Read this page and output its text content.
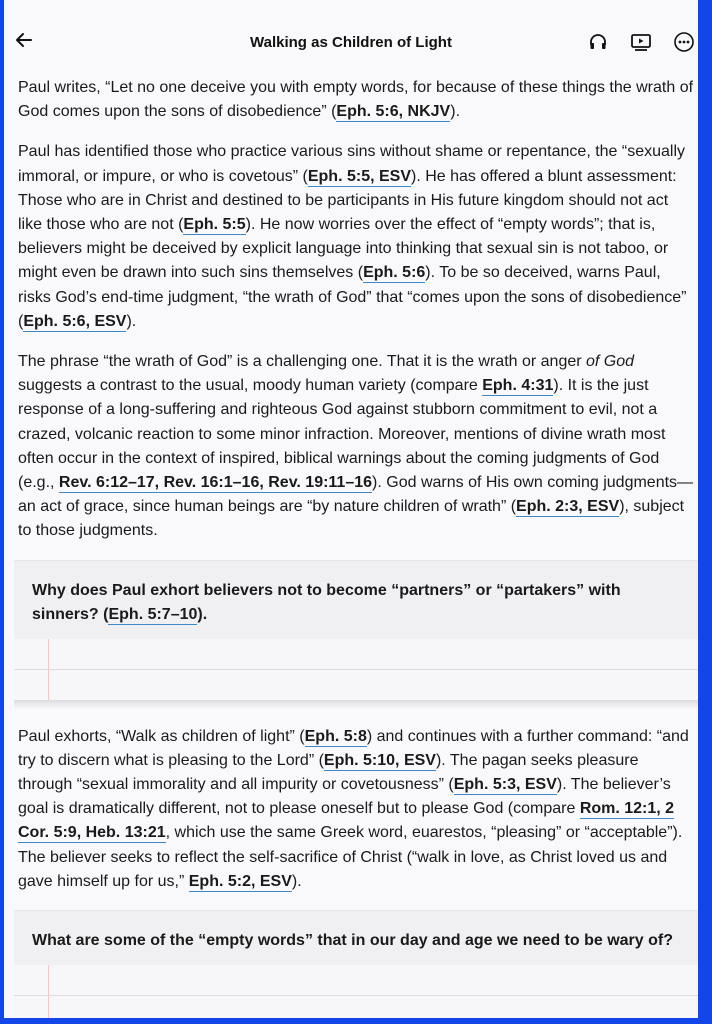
Walking as Children of Light

Paul writes, “Let no one deceive you with empty words, for because of these things the wrath of God comes upon the sons of disobedience” (Eph. 5:6, NKJV).

Paul has identified those who practice various sins without shame or repentance, the “sexually immoral, or impure, or who is covetous” (Eph. 5:5, ESV). He has offered a blunt assessment: Those who are in Christ and destined to be participants in His future kingdom should not act like those who are not (Eph. 5:5). He now worries over the effect of “empty words”; that is, believers might be deceived by explicit language into thinking that sexual sin is not taboo, or might even be drawn into such sins themselves (Eph. 5:6). To be so deceived, warns Paul, risks God’s end-time judgment, “the wrath of God” that “comes upon the sons of disobedience” (Eph. 5:6, ESV).

The phrase “the wrath of God” is a challenging one. That it is the wrath or anger of God suggests a contrast to the usual, moody human variety (compare Eph. 4:31). It is the just response of a long-suffering and righteous God against stubborn commitment to evil, not a crazed, volcanic reaction to some minor infraction. Moreover, mentions of divine wrath most often occur in the context of inspired, biblical warnings about the coming judgments of God (e.g., Rev. 6:12–17, Rev. 16:1–16, Rev. 19:11–16). God warns of His own coming judgments—an act of grace, since human beings are “by nature children of wrath” (Eph. 2:3, ESV), subject to those judgments.

Why does Paul exhort believers not to become “partners” or “partakers” with sinners? (Eph. 5:7–10).

Paul exhorts, “Walk as children of light” (Eph. 5:8) and continues with a further command: “and try to discern what is pleasing to the Lord” (Eph. 5:10, ESV). The pagan seeks pleasure through “sexual immorality and all impurity or covetousness” (Eph. 5:3, ESV). The believer’s goal is dramatically different, not to please oneself but to please God (compare Rom. 12:1, 2 Cor. 5:9, Heb. 13:21, which use the same Greek word, euarestos, “pleasing” or “acceptable”). The believer seeks to reflect the self-sacrifice of Christ (“walk in love, as Christ loved us and gave himself up for us,” Eph. 5:2, ESV).

What are some of the “empty words” that in our day and age we need to be wary of?
